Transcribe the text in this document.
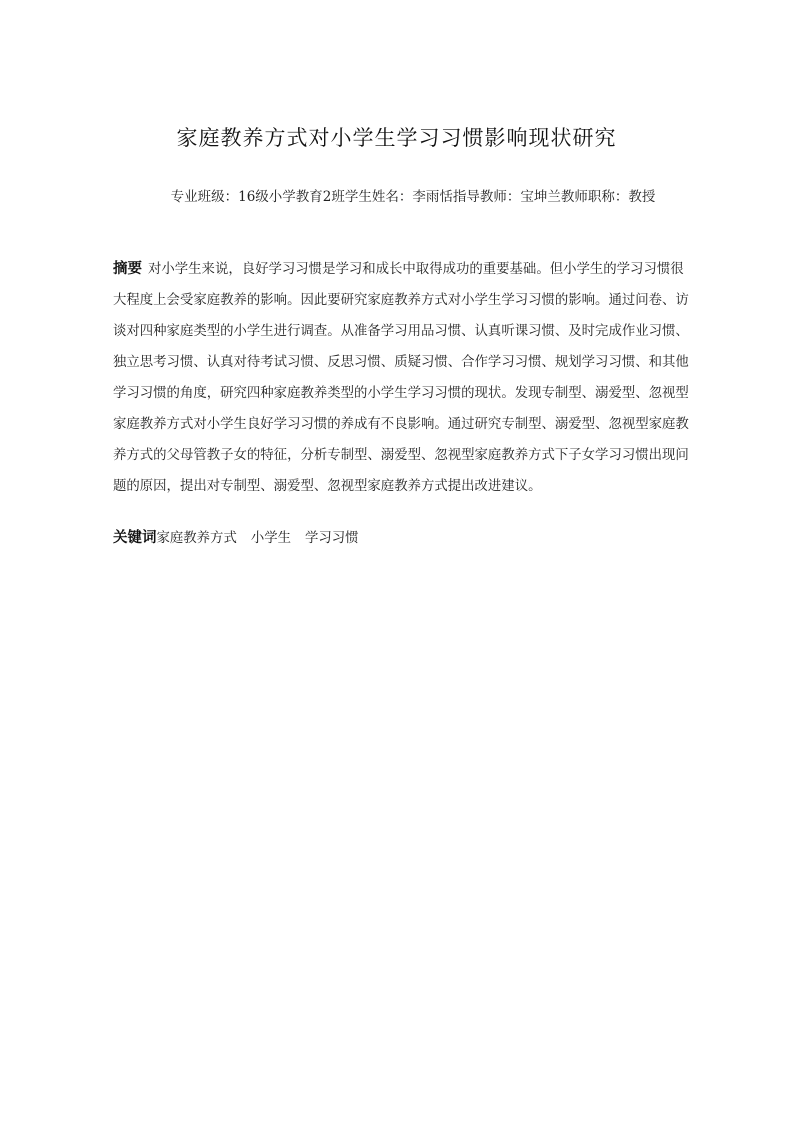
家庭教养方式对小学生学习习惯影响现状研究
专业班级：16级小学教育2班学生姓名：李雨恬指导教师：宝坤兰教师职称：教授
摘要 对小学生来说，良好学习习惯是学习和成长中取得成功的重要基础。但小学生的学习习惯很
大程度上会受家庭教养的影响。因此要研究家庭教养方式对小学生学习习惯的影响。通过问卷、访
谈对四种家庭类型的小学生进行调查。从准备学习用品习惯、认真听课习惯、及时完成作业习惯、
独立思考习惯、认真对待考试习惯、反思习惯、质疑习惯、合作学习习惯、规划学习习惯、和其他
学习习惯的角度，研究四种家庭教养类型的小学生学习习惯的现状。发现专制型、溺爱型、忽视型
家庭教养方式对小学生良好学习习惯的养成有不良影响。通过研究专制型、溺爱型、忽视型家庭教
养方式的父母管教子女的特征，分析专制型、溺爱型、忽视型家庭教养方式下子女学习习惯出现问
题的原因，提出对专制型、溺爱型、忽视型家庭教养方式提出改进建议。
关键词家庭教养方式 小学生 学习习惯
